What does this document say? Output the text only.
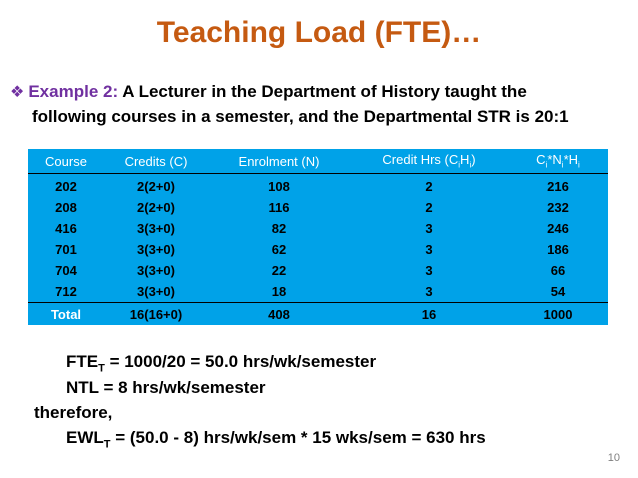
Teaching Load (FTE)…
❖ Example 2: A Lecturer in the Department of History taught the
following courses in a semester, and the Departmental STR is 20:1
Course	Credits (C)	Enrolment (N)	Credit Hrs $(C_iH_i)$	$C_i*N_i*H_i$
202	2(2+0)	108	2	216
208	2(2+0)	116	2	232
416	3(3+0)	82	3	246
701	3(3+0)	62	3	186
704	3(3+0)	22	3	66
712	3(3+0)	18	3	54
Total	16(16+0)	408	16	1000
$FTE_T = 1000/20 = 50.0$ hrs/wk/semester
NTL = 8 hrs/wk/semester
therefore,
$EWL_T = (50.0 - 8)$ hrs/wk/sem * 15 wks/sem = 630 hrs
10
